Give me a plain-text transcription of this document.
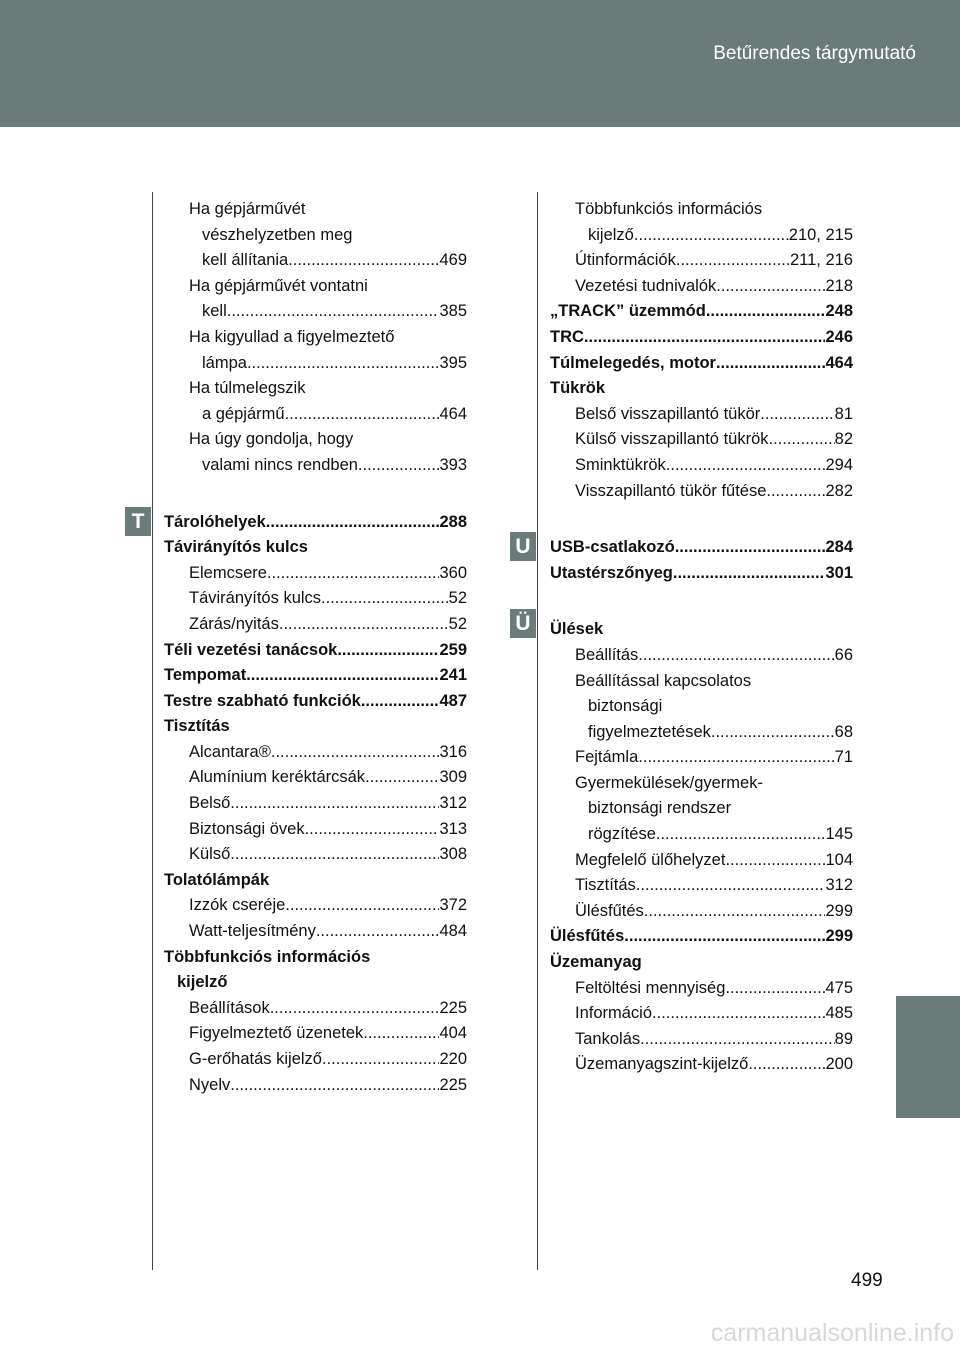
Betűrendes tárgymutató
T
U
Ü
Ha gépjárművét
vészhelyzetben meg
kell állítania .....	469
Ha gépjárművét vontatni
kell .....	385
Ha kigyullad a figyelmeztető
lámpa .....	395
Ha túlmelegszik
a gépjármű .....	464
Ha úgy gondolja, hogy
valami nincs rendben .....	393
Tárolóhelyek .....	288
Távirányítós kulcs
Elemcsere .....	360
Távirányítós kulcs .....	52
Zárás/nyitás .....	52
Téli vezetési tanácsok .....	259
Tempomat .....	241
Testre szabható funkciók .....	487
Tisztítás
Alcantara® .....	316
Alumínium keréktárcsák .....	309
Belső .....	312
Biztonsági övek .....	313
Külső .....	308
Tolatólámpák
Izzók cseréje .....	372
Watt-teljesítmény .....	484
Többfunkciós információs
kijelző
Beállítások .....	225
Figyelmeztető üzenetek .....	404
G-erőhatás kijelző .....	220
Nyelv .....	225
Többfunkciós információs
kijelző .....	210, 215
Útinformációk .....	211, 216
Vezetési tudnivalók .....	218
„TRACK” üzemmód .....	248
TRC .....	246
Túlmelegedés, motor .....	464
Tükrök
Belső visszapillantó tükör .....	81
Külső visszapillantó tükrök .....	82
Sminktükrök .....	294
Visszapillantó tükör fűtése .....	282
USB-csatlakozó .....	284
Utastérszőnyeg .....	301
Ülések
Beállítás .....	66
Beállítással kapcsolatos
biztonsági
figyelmeztetések .....	68
Fejtámla .....	71
Gyermekülések/gyermek-
biztonsági rendszer
rögzítése .....	145
Megfelelő ülőhelyzet .....	104
Tisztítás .....	312
Ülésfűtés .....	299
Ülésfűtés .....	299
Üzemanyag
Feltöltési mennyiség .....	475
Információ .....	485
Tankolás .....	89
Üzemanyagszint-kijelző .....	200
499
carmanualsonline.info
